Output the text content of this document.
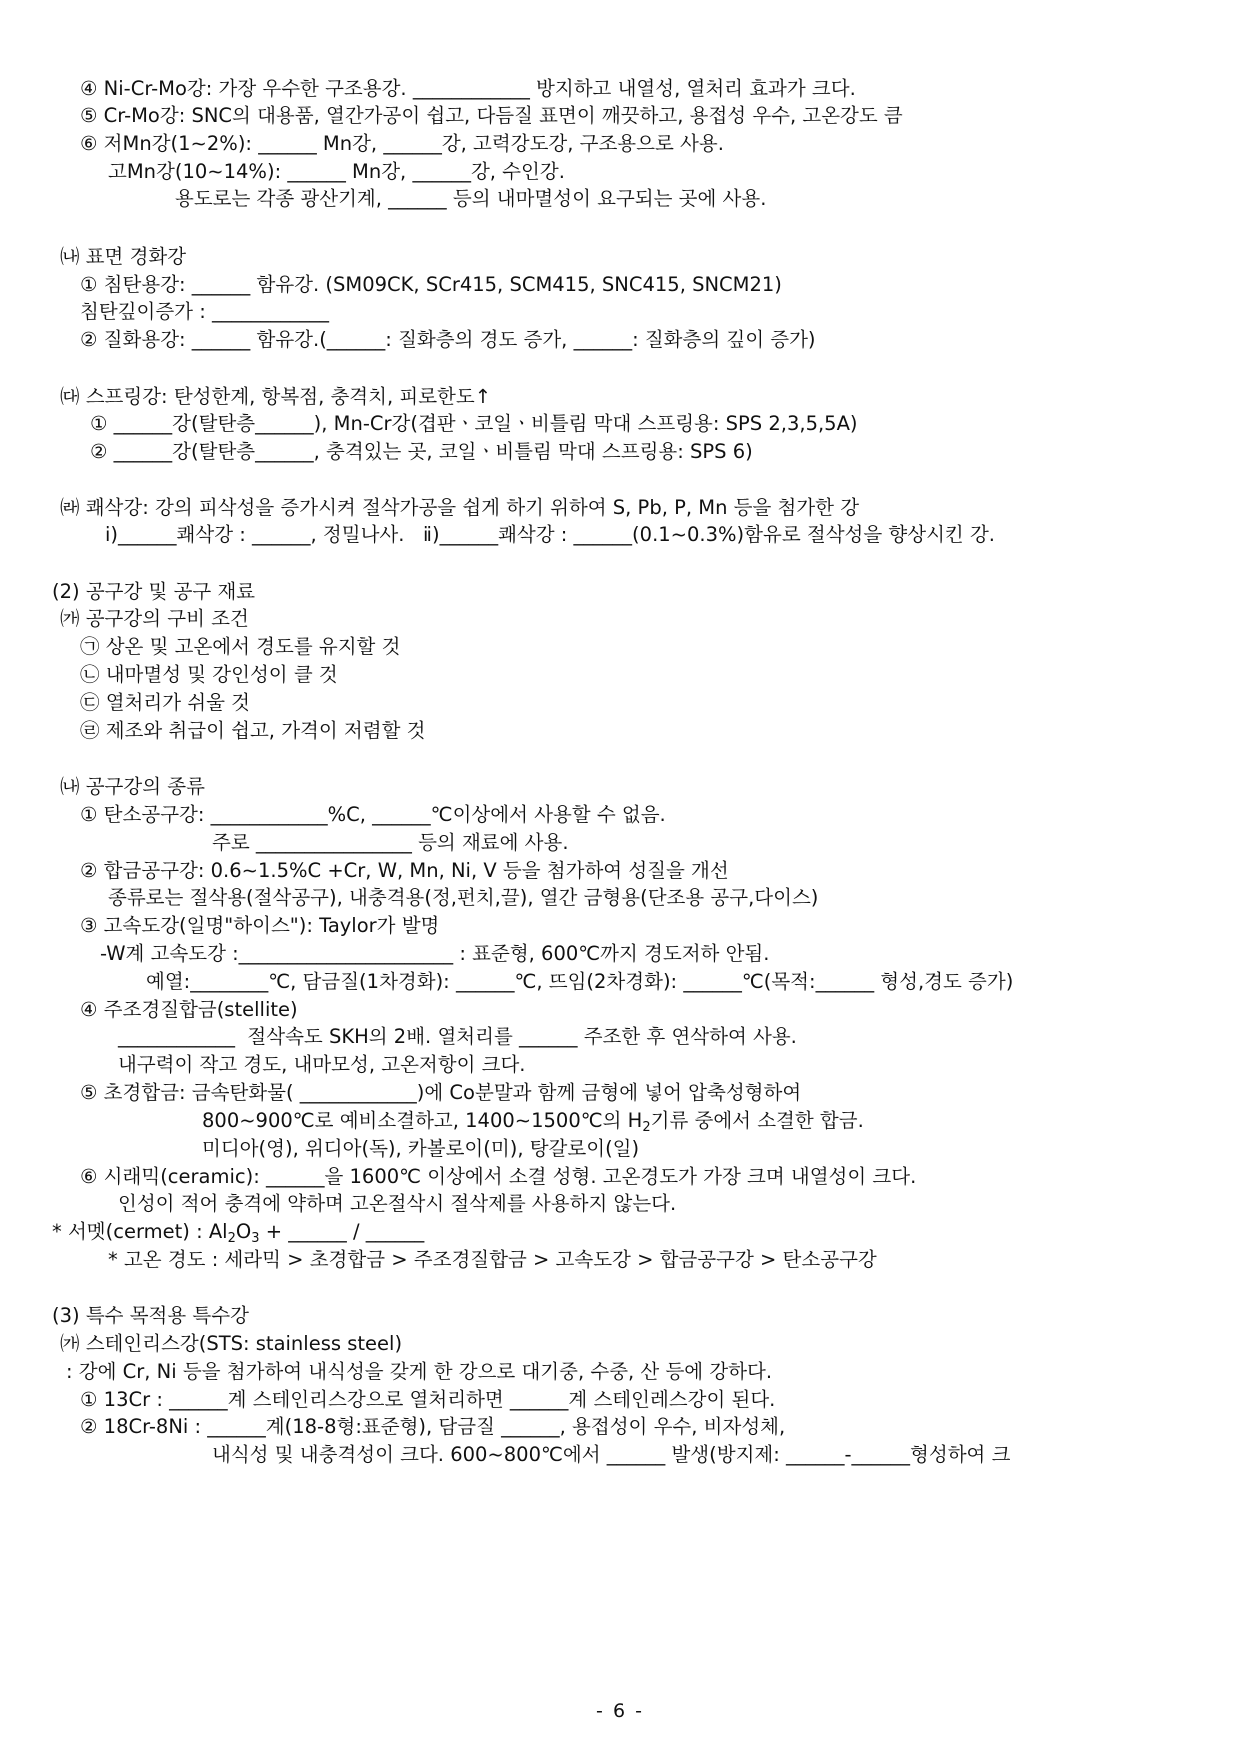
④ Ni-Cr-Mo강: 가장 우수한 구조용강. ____________ 방지하고 내열성, 열처리 효과가 크다.
⑤ Cr-Mo강: SNC의 대용품, 열간가공이 쉽고, 다듬질 표면이 깨끗하고, 용접성 우수, 고온강도 큼
⑥ 저Mn강(1∼2%): ______ Mn강, ______강, 고력강도강, 구조용으로 사용.
고Mn강(10∼14%): ______ Mn강, ______강, 수인강.
용도로는 각종 광산기계, ______ 등의 내마멸성이 요구되는 곳에 사용.
㈏ 표면 경화강
① 침탄용강: ______ 함유강. (SM09CK, SCr415, SCM415, SNC415, SNCM21)
침탄깊이증가 : ____________
② 질화용강: ______ 함유강.(______: 질화층의 경도 증가, ______: 질화층의 깊이 증가)
㈐ 스프링강: 탄성한계, 항복점, 충격치, 피로한도↑
① ______강(탈탄층______), Mn-Cr강(겹판ㆍ코일ㆍ비틀림 막대 스프링용: SPS 2,3,5,5A)
② ______강(탈탄층______, 충격있는 곳, 코일ㆍ비틀림 막대 스프링용: SPS 6)
㈑ 쾌삭강: 강의 피삭성을 증가시켜 절삭가공을 쉽게 하기 위하여 S, Pb, P, Mn 등을 첨가한 강
ⅰ)______쾌삭강 : ______, 정밀나사.   ⅱ)______쾌삭강 : ______(0.1~0.3%)함유로 절삭성을 향상시킨 강.
(2) 공구강 및 공구 재료
㈎ 공구강의 구비 조건
㉠ 상온 및 고온에서 경도를 유지할 것
㉡ 내마멸성 및 강인성이 클 것
㉢ 열처리가 쉬울 것
㉣ 제조와 취급이 쉽고, 가격이 저렴할 것
㈏ 공구강의 종류
① 탄소공구강: ____________%C, ______℃이상에서 사용할 수 없음.
주로 ________________ 등의 재료에 사용.
② 합금공구강: 0.6∼1.5%C +Cr, W, Mn, Ni, V 등을 첨가하여 성질을 개선
종류로는 절삭용(절삭공구), 내충격용(정,펀치,끌), 열간 금형용(단조용 공구,다이스)
③ 고속도강(일명"하이스"): Taylor가 발명
-W계 고속도강 :______________________ : 표준형, 600℃까지 경도저하 안됨.
예열:________℃, 담금질(1차경화): ______℃, 뜨임(2차경화): ______℃(목적:______ 형성,경도 증가)
④ 주조경질합금(stellite)
____________  절삭속도 SKH의 2배. 열처리를 ______ 주조한 후 연삭하여 사용.
내구력이 작고 경도, 내마모성, 고온저항이 크다.
⑤ 초경합금: 금속탄화물( ____________)에 Co분말과 함께 금형에 넣어 압축성형하여
800~900℃로 예비소결하고, 1400∼1500℃의 $H_2$기류 중에서 소결한 합금.
미디아(영), 위디아(독), 카볼로이(미), 탕갈로이(일)
⑥ 시래믹(ceramic): ______을 1600℃ 이상에서 소결 성형. 고온경도가 가장 크며 내열성이 크다.
인성이 적어 충격에 약하며 고온절삭시 절삭제를 사용하지 않는다.
* 서멧(cermet) : $Al_2O_3$ + ______ / ______
* 고온 경도 : 세라믹 > 초경합금 > 주조경질합금 > 고속도강 > 합금공구강 > 탄소공구강
(3) 특수 목적용 특수강
㈎ 스테인리스강(STS: stainless steel)
: 강에 Cr, Ni 등을 첨가하여 내식성을 갖게 한 강으로 대기중, 수중, 산 등에 강하다.
① 13Cr : ______계 스테인리스강으로 열처리하면 ______계 스테인레스강이 된다.
② 18Cr-8Ni : ______계(18-8형:표준형), 담금질 ______, 용접성이 우수, 비자성체,
내식성 및 내충격성이 크다. 600~800℃에서 ______ 발생(방지제: ______-______형성하여 크
- 6 -
